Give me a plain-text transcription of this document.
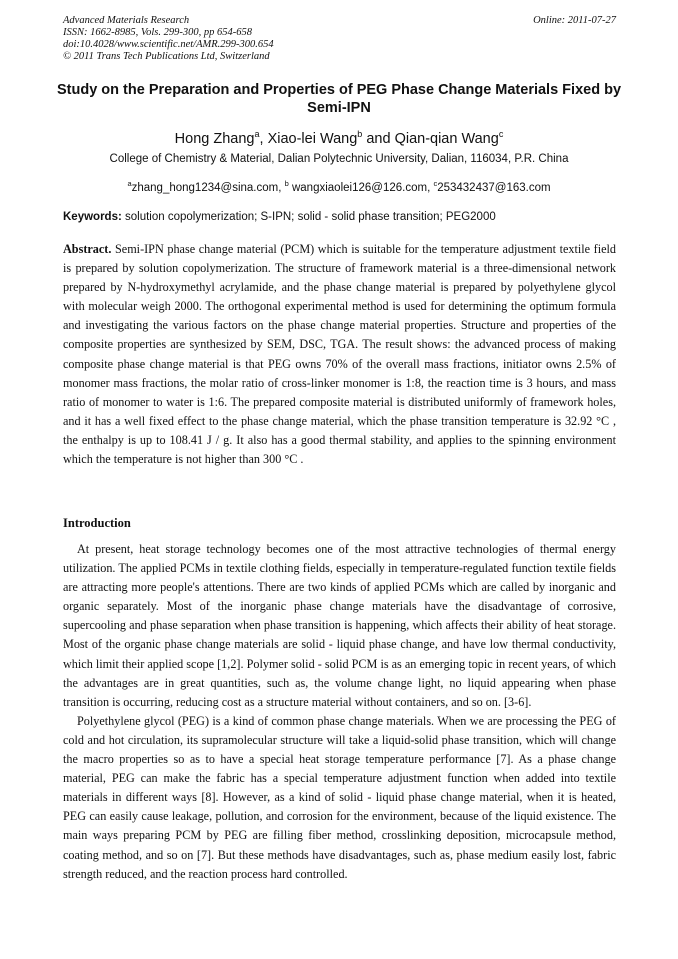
Advanced Materials Research
ISSN: 1662-8985, Vols. 299-300, pp 654-658
doi:10.4028/www.scientific.net/AMR.299-300.654
© 2011 Trans Tech Publications Ltd, Switzerland
Online: 2011-07-27
Study on the Preparation and Properties of PEG Phase Change Materials Fixed by Semi-IPN
Hong Zhang$^a$, Xiao-lei Wang$^b$ and Qian-qian Wang$^c$
College of Chemistry & Material, Dalian Polytechnic University, Dalian, 116034, P.R. China
$^a$zhang_hong1234@sina.com, $^b$ wangxiaolei126@126.com, $^c$253432437@163.com
Keywords: solution copolymerization; S-IPN; solid - solid phase transition; PEG2000
Abstract. Semi-IPN phase change material (PCM) which is suitable for the temperature adjustment textile field is prepared by solution copolymerization. The structure of framework material is a three-dimensional network prepared by N-hydroxymethyl acrylamide, and the phase change material is prepared by polyethylene glycol with molecular weigh 2000. The orthogonal experimental method is used for determining the optimum formula and investigating the various factors on the phase change material properties. Structure and properties of the composite properties are synthesized by SEM, DSC, TGA. The result shows: the advanced process of making composite phase change material is that PEG owns 70% of the overall mass fractions, initiator owns 2.5% of monomer mass fractions, the molar ratio of cross-linker monomer is 1:8, the reaction time is 3 hours, and mass ratio of monomer to water is 1:6. The prepared composite material is distributed uniformly of framework holes, and it has a well fixed effect to the phase change material, which the phase transition temperature is 32.92 °C , the enthalpy is up to 108.41 J / g. It also has a good thermal stability, and applies to the spinning environment which the temperature is not higher than 300 °C .
Introduction

At present, heat storage technology becomes one of the most attractive technologies of thermal energy utilization. The applied PCMs in textile clothing fields, especially in temperature-regulated function textile fields are attracting more people's attentions. There are two kinds of applied PCMs which are called by inorganic and organic separately. Most of the inorganic phase change materials have the disadvantage of corrosive, supercooling and phase separation when phase transition is happening, which affects their ability of heat storage. Most of the organic phase change materials are solid - liquid phase change, and have low thermal conductivity, which limit their applied scope [1,2]. Polymer solid - solid PCM is as an emerging topic in recent years, of which the advantages are in great quantities, such as, the volume change light, no liquid appearing when phase transition is occurring, reducing cost as a structure material without containers, and so on. [3-6].

Polyethylene glycol (PEG) is a kind of common phase change materials. When we are processing the PEG of cold and hot circulation, its supramolecular structure will take a liquid-solid phase transition, which will change the macro properties so as to have a special heat storage temperature performance [7]. As a phase change material, PEG can make the fabric has a special temperature adjustment function when added into textile materials in different ways [8]. However, as a kind of solid - liquid phase change material, when it is heated, PEG can easily cause leakage, pollution, and corrosion for the environment, because of the liquid existence. The main ways preparing PCM by PEG are filling fiber method, crosslinking deposition, microcapsule method, coating method, and so on [7]. But these methods have disadvantages, such as, phase medium easily lost, fabric strength reduced, and the reaction process hard controlled.
